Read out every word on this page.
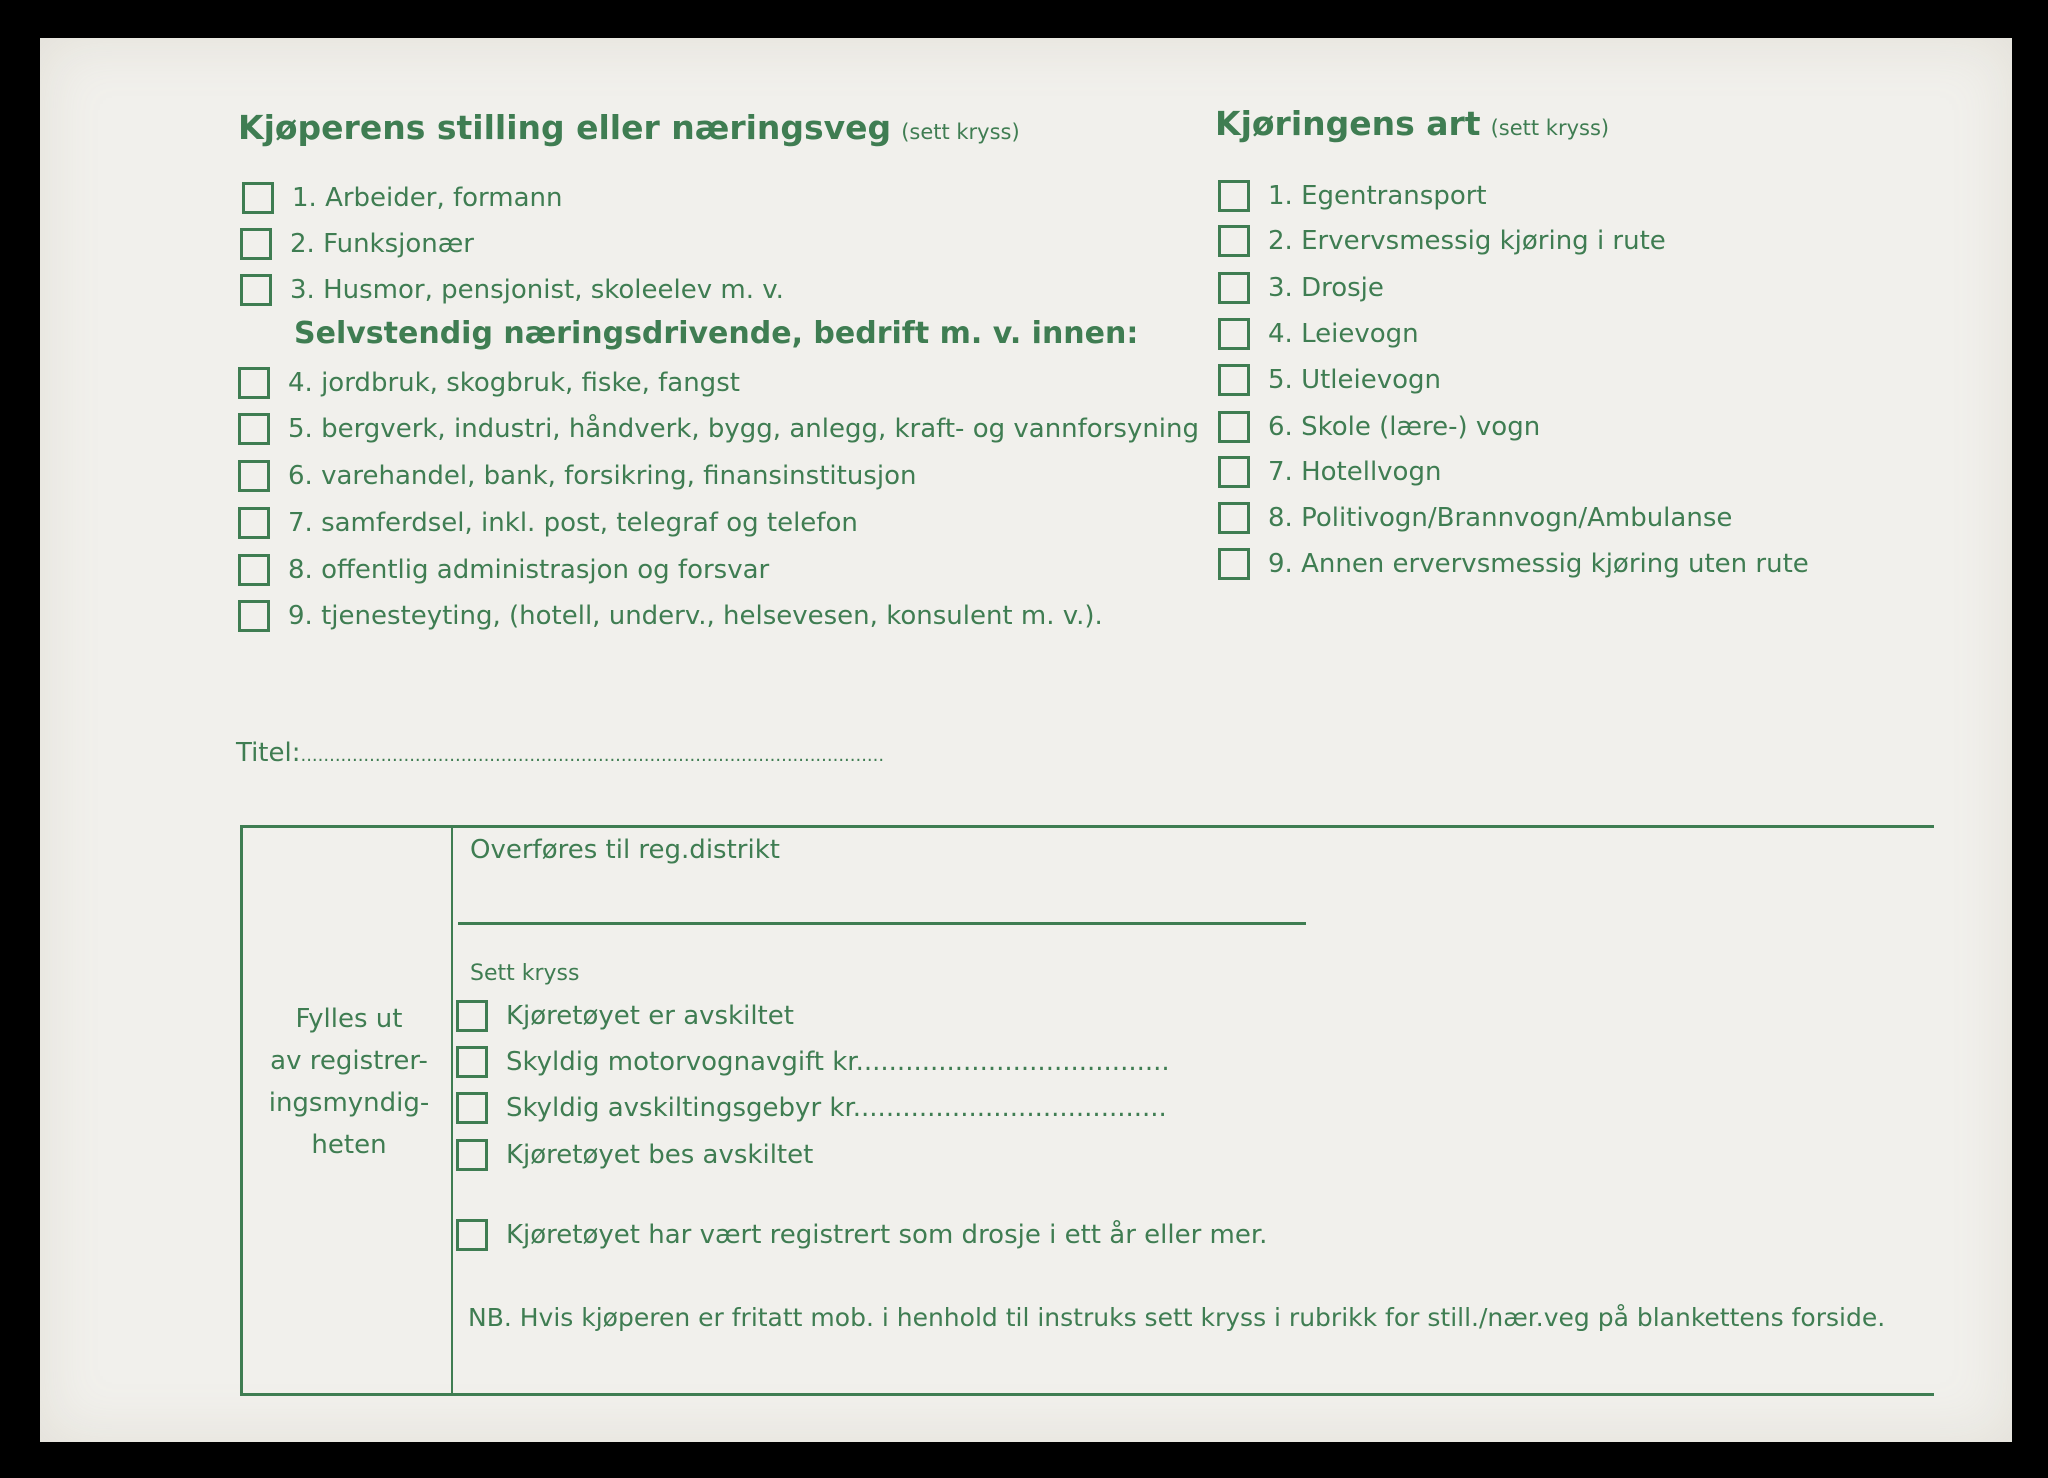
Kjøperens stilling eller næringsveg (sett kryss)
1. Arbeider, formann
2. Funksjonær
3. Husmor, pensjonist, skoleelev m. v.
Selvstendig næringsdrivende, bedrift m. v. innen:
4. jordbruk, skogbruk, fiske, fangst
5. bergverk, industri, håndverk, bygg, anlegg, kraft- og vannforsyning
6. varehandel, bank, forsikring, finansinstitusjon
7. samferdsel, inkl. post, telegraf og telefon
8. offentlig administrasjon og forsvar
9. tjenesteyting, (hotell, underv., helsevesen, konsulent m. v.).
Titel:......................................................................................................
Kjøringens art (sett kryss)
1. Egentransport
2. Ervervsmessig kjøring i rute
3. Drosje
4. Leievogn
5. Utleievogn
6. Skole (lære-) vogn
7. Hotellvogn
8. Politivogn/Brannvogn/Ambulanse
9. Annen ervervsmessig kjøring uten rute
Fylles ut
av registrer-
ingsmyndig-
heten
Overføres til reg.distrikt
Sett kryss
Kjøretøyet er avskiltet
Skyldig motorvognavgift kr......................................
Skyldig avskiltingsgebyr kr......................................
Kjøretøyet bes avskiltet
Kjøretøyet har vært registrert som drosje i ett år eller mer.
NB. Hvis kjøperen er fritatt mob. i henhold til instruks sett kryss i rubrikk for still./nær.veg på blankettens forside.
